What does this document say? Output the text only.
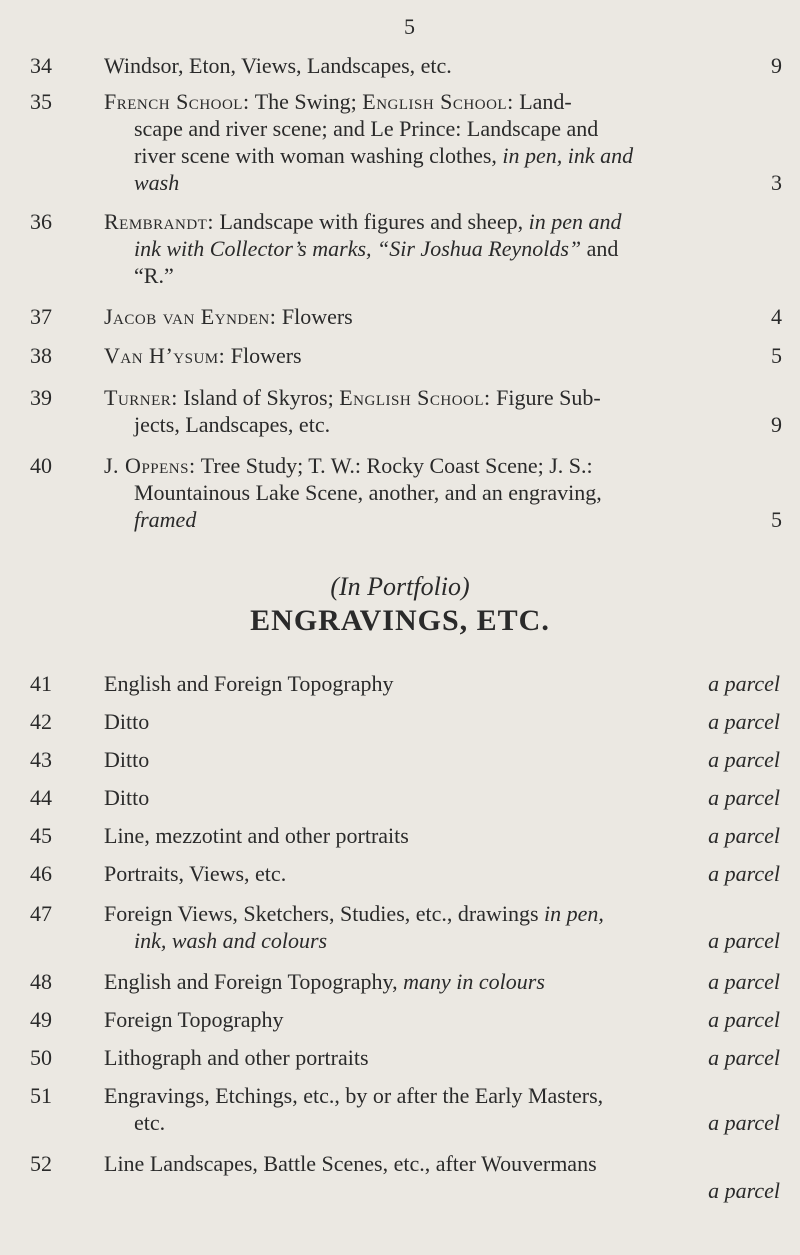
5
34	Windsor, Eton, Views, Landscapes, etc.	9
35	French School: The Swing; English School: Land-
scape and river scene; and Le Prince: Landscape and
river scene with woman washing clothes, in pen, ink and
wash	3
36	Rembrandt: Landscape with figures and sheep, in pen and
ink with Collector’s marks, “Sir Joshua Reynolds” and
“R.”
37	Jacob van Eynden: Flowers	4
38	Van H’ysum: Flowers	5
39	Turner: Island of Skyros; English School: Figure Sub-
jects, Landscapes, etc.	9
40	J. Oppens: Tree Study; T. W.: Rocky Coast Scene; J. S.:
Mountainous Lake Scene, another, and an engraving,
framed	5
(In Portfolio)
ENGRAVINGS, ETC.
41	English and Foreign Topography	a parcel
42	Ditto	a parcel
43	Ditto	a parcel
44	Ditto	a parcel
45	Line, mezzotint and other portraits	a parcel
46	Portraits, Views, etc.	a parcel
47	Foreign Views, Sketchers, Studies, etc., drawings in pen,
ink, wash and colours	a parcel
48	English and Foreign Topography, many in colours	a parcel
49	Foreign Topography	a parcel
50	Lithograph and other portraits	a parcel
51	Engravings, Etchings, etc., by or after the Early Masters,
etc.	a parcel
52	Line Landscapes, Battle Scenes, etc., after Wouvermans
a parcel
